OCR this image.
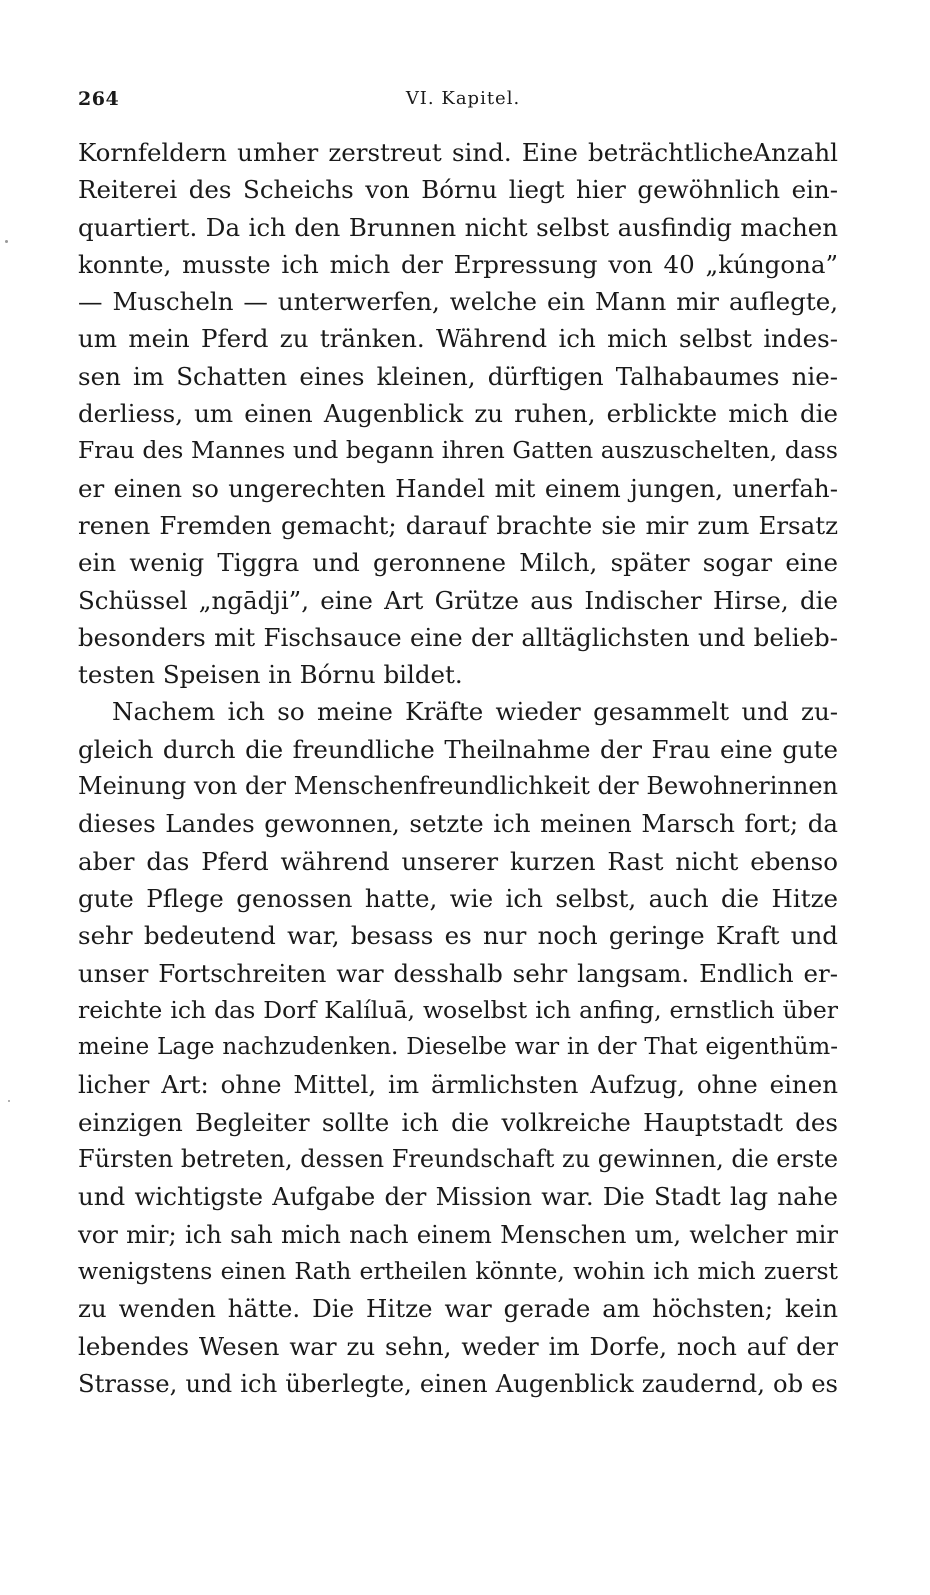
264	VI. Kapitel.
Kornfeldern umher zerstreut sind. Eine beträchtlicheAnzahl
Reiterei des Scheichs von Bórnu liegt hier gewöhnlich ein-
quartiert. Da ich den Brunnen nicht selbst ausfindig machen
konnte, musste ich mich der Erpressung von 40 „kúngona”
— Muscheln — unterwerfen, welche ein Mann mir auflegte,
um mein Pferd zu tränken. Während ich mich selbst indes-
sen im Schatten eines kleinen, dürftigen Talhabaumes nie-
derliess, um einen Augenblick zu ruhen, erblickte mich die
Frau des Mannes und begann ihren Gatten auszuschelten, dass
er einen so ungerechten Handel mit einem jungen, unerfah-
renen Fremden gemacht; darauf brachte sie mir zum Ersatz
ein wenig Tiggra und geronnene Milch, später sogar eine
Schüssel „ngādji”, eine Art Grütze aus Indischer Hirse, die
besonders mit Fischsauce eine der alltäglichsten und belieb-
testen Speisen in Bórnu bildet.
Nachem ich so meine Kräfte wieder gesammelt und zu-
gleich durch die freundliche Theilnahme der Frau eine gute
Meinung von der Menschenfreundlichkeit der Bewohnerinnen
dieses Landes gewonnen, setzte ich meinen Marsch fort; da
aber das Pferd während unserer kurzen Rast nicht ebenso
gute Pflege genossen hatte, wie ich selbst, auch die Hitze
sehr bedeutend war, besass es nur noch geringe Kraft und
unser Fortschreiten war desshalb sehr langsam. Endlich er-
reichte ich das Dorf Kalíluā, woselbst ich anfing, ernstlich über
meine Lage nachzudenken. Dieselbe war in der That eigenthüm-
licher Art: ohne Mittel, im ärmlichsten Aufzug, ohne einen
einzigen Begleiter sollte ich die volkreiche Hauptstadt des
Fürsten betreten, dessen Freundschaft zu gewinnen, die erste
und wichtigste Aufgabe der Mission war. Die Stadt lag nahe
vor mir; ich sah mich nach einem Menschen um, welcher mir
wenigstens einen Rath ertheilen könnte, wohin ich mich zuerst
zu wenden hätte. Die Hitze war gerade am höchsten; kein
lebendes Wesen war zu sehn, weder im Dorfe, noch auf der
Strasse, und ich überlegte, einen Augenblick zaudernd, ob es
